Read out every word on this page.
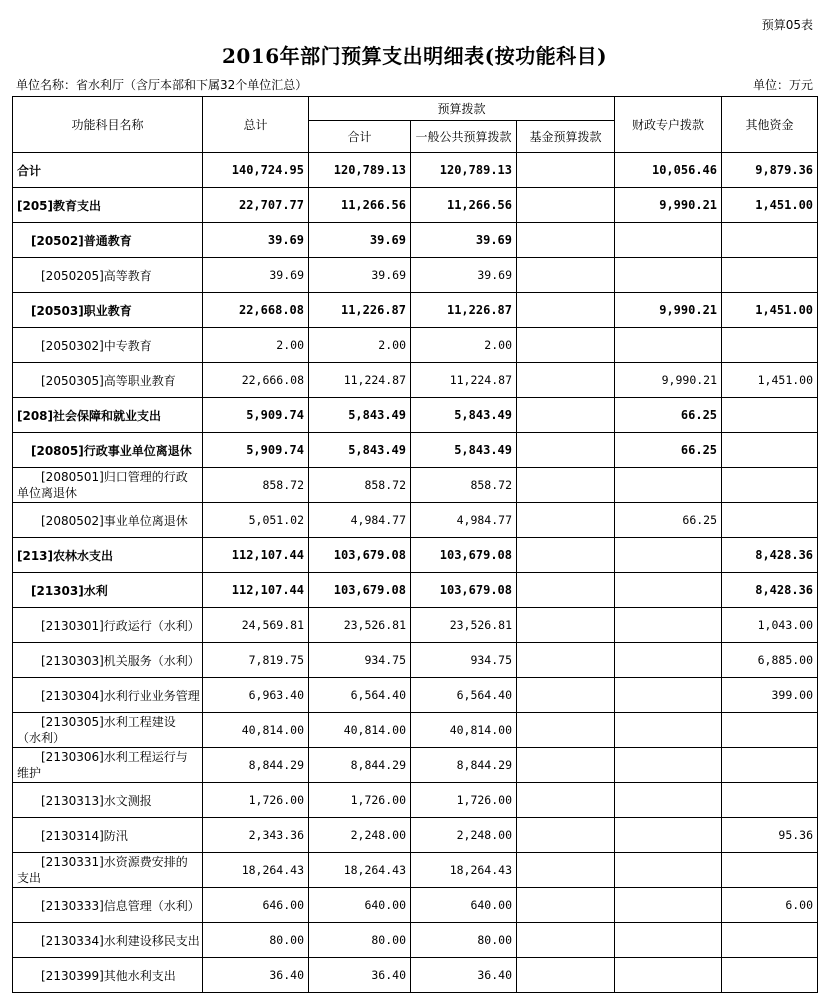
预算05表
2016年部门预算支出明细表(按功能科目)
单位名称：省水利厅（含厅本部和下属32个单位汇总）	单位：万元
功能科目名称	总计	预算拨款			财政专户拨款	其他资金
		合计	一般公共预算拨款	基金预算拨款		
合计	140,724.95	120,789.13	120,789.13		10,056.46	9,879.36
[205]教育支出	22,707.77	11,266.56	11,266.56		9,990.21	1,451.00
[20502]普通教育	39.69	39.69	39.69			
[2050205]高等教育	39.69	39.69	39.69			
[20503]职业教育	22,668.08	11,226.87	11,226.87		9,990.21	1,451.00
[2050302]中专教育	2.00	2.00	2.00			
[2050305]高等职业教育	22,666.08	11,224.87	11,224.87		9,990.21	1,451.00
[208]社会保障和就业支出	5,909.74	5,843.49	5,843.49		66.25	
[20805]行政事业单位离退休	5,909.74	5,843.49	5,843.49		66.25	
[2080501]归口管理的行政单位离退休	858.72	858.72	858.72			
[2080502]事业单位离退休	5,051.02	4,984.77	4,984.77		66.25	
[213]农林水支出	112,107.44	103,679.08	103,679.08			8,428.36
[21303]水利	112,107.44	103,679.08	103,679.08			8,428.36
[2130301]行政运行（水利）	24,569.81	23,526.81	23,526.81			1,043.00
[2130303]机关服务（水利）	7,819.75	934.75	934.75			6,885.00
[2130304]水利行业业务管理	6,963.40	6,564.40	6,564.40			399.00
[2130305]水利工程建设（水利）	40,814.00	40,814.00	40,814.00			
[2130306]水利工程运行与维护	8,844.29	8,844.29	8,844.29			
[2130313]水文测报	1,726.00	1,726.00	1,726.00			
[2130314]防汛	2,343.36	2,248.00	2,248.00			95.36
[2130331]水资源费安排的支出	18,264.43	18,264.43	18,264.43			
[2130333]信息管理（水利）	646.00	640.00	640.00			6.00
[2130334]水利建设移民支出	80.00	80.00	80.00			
[2130399]其他水利支出	36.40	36.40	36.40			
